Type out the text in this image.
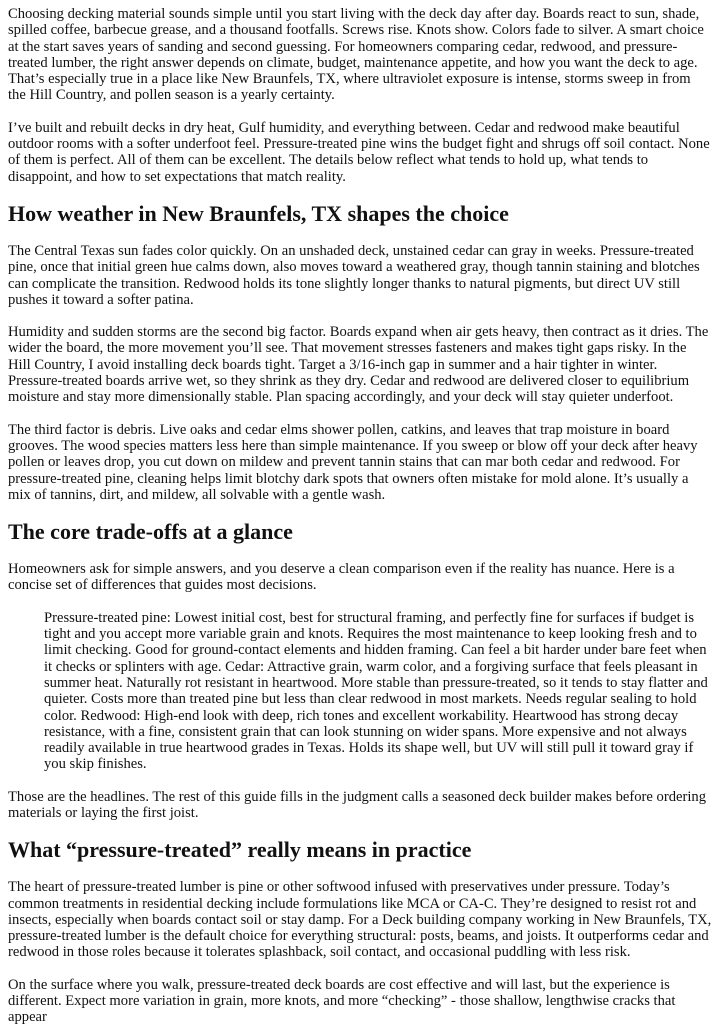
Choosing decking material sounds simple until you start living with the deck day after day. Boards react to sun, shade, spilled coffee, barbecue grease, and a thousand footfalls. Screws rise. Knots show. Colors fade to silver. A smart choice at the start saves years of sanding and second guessing. For homeowners comparing cedar, redwood, and pressure-treated lumber, the right answer depends on climate, budget, maintenance appetite, and how you want the deck to age. That’s especially true in a place like New Braunfels, TX, where ultraviolet exposure is intense, storms sweep in from the Hill Country, and pollen season is a yearly certainty.

I’ve built and rebuilt decks in dry heat, Gulf humidity, and everything between. Cedar and redwood make beautiful outdoor rooms with a softer underfoot feel. Pressure-treated pine wins the budget fight and shrugs off soil contact. None of them is perfect. All of them can be excellent. The details below reflect what tends to hold up, what tends to disappoint, and how to set expectations that match reality.

How weather in New Braunfels, TX shapes the choice

The Central Texas sun fades color quickly. On an unshaded deck, unstained cedar can gray in weeks. Pressure-treated pine, once that initial green hue calms down, also moves toward a weathered gray, though tannin staining and blotches can complicate the transition. Redwood holds its tone slightly longer thanks to natural pigments, but direct UV still pushes it toward a softer patina.

Humidity and sudden storms are the second big factor. Boards expand when air gets heavy, then contract as it dries. The wider the board, the more movement you’ll see. That movement stresses fasteners and makes tight gaps risky. In the Hill Country, I avoid installing deck boards tight. Target a 3/16-inch gap in summer and a hair tighter in winter. Pressure-treated boards arrive wet, so they shrink as they dry. Cedar and redwood are delivered closer to equilibrium moisture and stay more dimensionally stable. Plan spacing accordingly, and your deck will stay quieter underfoot.

The third factor is debris. Live oaks and cedar elms shower pollen, catkins, and leaves that trap moisture in board grooves. The wood species matters less here than simple maintenance. If you sweep or blow off your deck after heavy pollen or leaves drop, you cut down on mildew and prevent tannin stains that can mar both cedar and redwood. For pressure-treated pine, cleaning helps limit blotchy dark spots that owners often mistake for mold alone. It’s usually a mix of tannins, dirt, and mildew, all solvable with a gentle wash.

The core trade-offs at a glance

Homeowners ask for simple answers, and you deserve a clean comparison even if the reality has nuance. Here is a concise set of differences that guides most decisions.

Pressure-treated pine: Lowest initial cost, best for structural framing, and perfectly fine for surfaces if budget is tight and you accept more variable grain and knots. Requires the most maintenance to keep looking fresh and to limit checking. Good for ground-contact elements and hidden framing. Can feel a bit harder under bare feet when it checks or splinters with age. Cedar: Attractive grain, warm color, and a forgiving surface that feels pleasant in summer heat. Naturally rot resistant in heartwood. More stable than pressure-treated, so it tends to stay flatter and quieter. Costs more than treated pine but less than clear redwood in most markets. Needs regular sealing to hold color. Redwood: High-end look with deep, rich tones and excellent workability. Heartwood has strong decay resistance, with a fine, consistent grain that can look stunning on wider spans. More expensive and not always readily available in true heartwood grades in Texas. Holds its shape well, but UV will still pull it toward gray if you skip finishes.

Those are the headlines. The rest of this guide fills in the judgment calls a seasoned deck builder makes before ordering materials or laying the first joist.

What “pressure-treated” really means in practice

The heart of pressure-treated lumber is pine or other softwood infused with preservatives under pressure. Today’s common treatments in residential decking include formulations like MCA or CA-C. They’re designed to resist rot and insects, especially when boards contact soil or stay damp. For a Deck building company working in New Braunfels, TX, pressure-treated lumber is the default choice for everything structural: posts, beams, and joists. It outperforms cedar and redwood in those roles because it tolerates splashback, soil contact, and occasional puddling with less risk.

On the surface where you walk, pressure-treated deck boards are cost effective and will last, but the experience is different. Expect more variation in grain, more knots, and more “checking” - those shallow, lengthwise cracks that appear
